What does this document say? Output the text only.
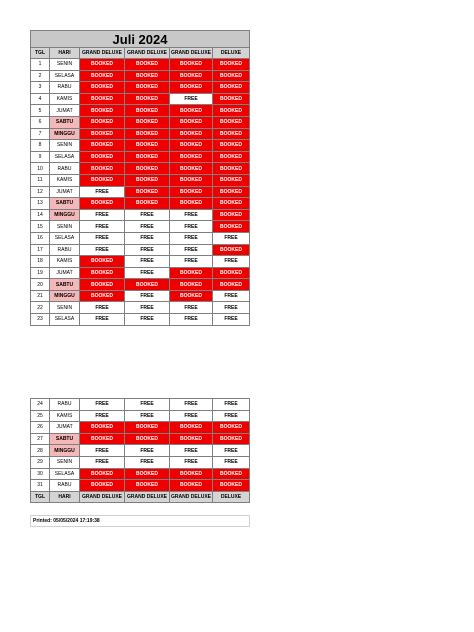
Juli 2024					
TGL	HARI	GRAND DELUXE	GRAND DELUXE	GRAND DELUXE	DELUXE
1	SENIN	BOOKED	BOOKED	BOOKED	BOOKED
2	SELASA	BOOKED	BOOKED	BOOKED	BOOKED
3	RABU	BOOKED	BOOKED	BOOKED	BOOKED
4	KAMIS	BOOKED	BOOKED	FREE	BOOKED
5	JUMAT	BOOKED	BOOKED	BOOKED	BOOKED
6	SABTU	BOOKED	BOOKED	BOOKED	BOOKED
7	MINGGU	BOOKED	BOOKED	BOOKED	BOOKED
8	SENIN	BOOKED	BOOKED	BOOKED	BOOKED
9	SELASA	BOOKED	BOOKED	BOOKED	BOOKED
10	RABU	BOOKED	BOOKED	BOOKED	BOOKED
11	KAMIS	BOOKED	BOOKED	BOOKED	BOOKED
12	JUMAT	FREE	BOOKED	BOOKED	BOOKED
13	SABTU	BOOKED	BOOKED	BOOKED	BOOKED
14	MINGGU	FREE	FREE	FREE	BOOKED
15	SENIN	FREE	FREE	FREE	BOOKED
16	SELASA	FREE	FREE	FREE	FREE
17	RABU	FREE	FREE	FREE	BOOKED
18	KAMIS	BOOKED	FREE	FREE	FREE
19	JUMAT	BOOKED	FREE	BOOKED	BOOKED
20	SABTU	BOOKED	BOOKED	BOOKED	BOOKED
21	MINGGU	BOOKED	FREE	BOOKED	FREE
22	SENIN	FREE	FREE	FREE	FREE
23	SELASA	FREE	FREE	FREE	FREE
24	RABU	FREE	FREE	FREE	FREE
25	KAMIS	FREE	FREE	FREE	FREE
26	JUMAT	BOOKED	BOOKED	BOOKED	BOOKED
27	SABTU	BOOKED	BOOKED	BOOKED	BOOKED
28	MINGGU	FREE	FREE	FREE	FREE
29	SENIN	FREE	FREE	FREE	FREE
30	SELASA	BOOKED	BOOKED	BOOKED	BOOKED
31	RABU	BOOKED	BOOKED	BOOKED	BOOKED
TGL	HARI	GRAND DELUXE	GRAND DELUXE	GRAND DELUXE	DELUXE
Printed: 05/05/2024 17:19:38
